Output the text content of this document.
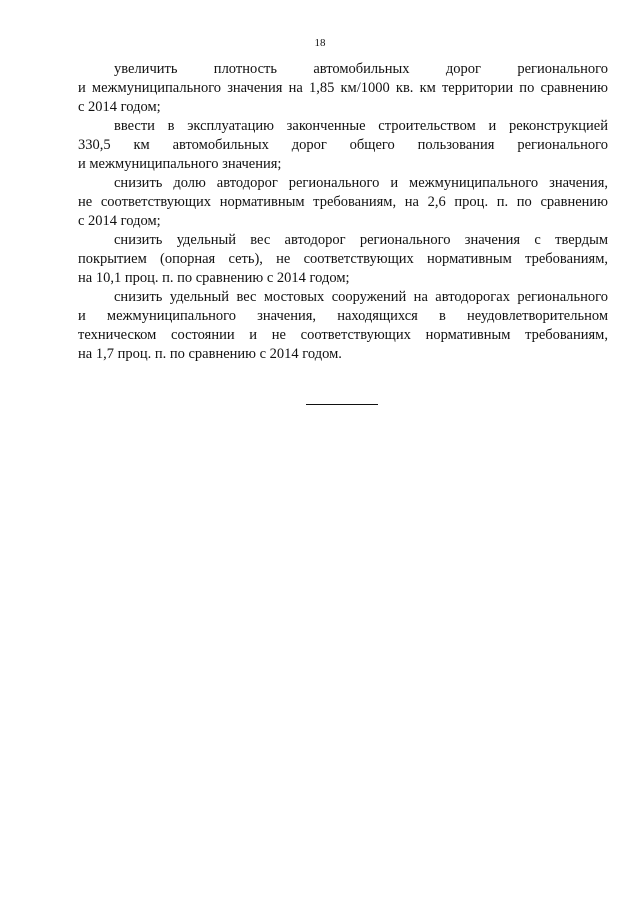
18

увеличить плотность автомобильных дорог регионального
и межмуниципального значения на 1,85 км/1000 кв. км территории по сравнению
с 2014 годом;

ввести в эксплуатацию законченные строительством и реконструкцией
330,5 км автомобильных дорог общего пользования регионального
и межмуниципального значения;

снизить долю автодорог регионального и межмуниципального значения,
не соответствующих нормативным требованиям, на 2,6 проц. п. по сравнению
с 2014 годом;

снизить удельный вес автодорог регионального значения с твердым
покрытием (опорная сеть), не соответствующих нормативным требованиям,
на 10,1 проц. п. по сравнению с 2014 годом;

снизить удельный вес мостовых сооружений на автодорогах регионального
и межмуниципального значения, находящихся в неудовлетворительном
техническом состоянии и не соответствующих нормативным требованиям,
на 1,7 проц. п. по сравнению с 2014 годом.
